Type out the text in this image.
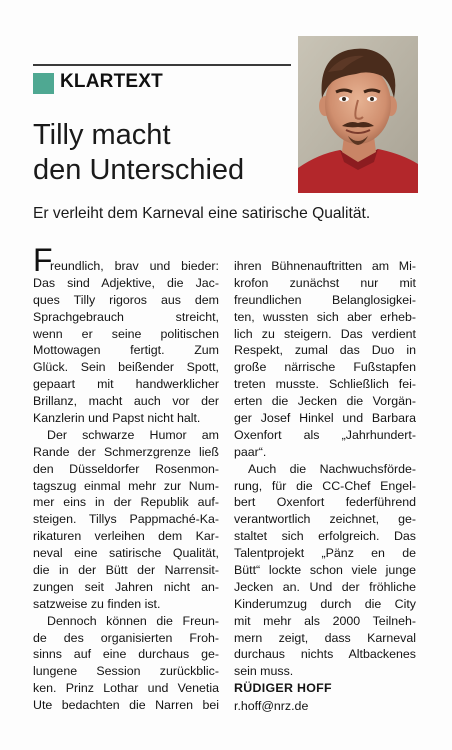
KLARTEXT
Tilly macht
den Unterschied
Er verleiht dem Karneval eine satirische Qualität.
F
reundlich, brav und bieder:
Das sind Adjektive, die Jac-
ques Tilly rigoros aus dem
Sprachgebrauch streicht,
wenn er seine politischen
Mottowagen fertigt. Zum
Glück. Sein beißender Spott,
gepaart mit handwerklicher
Brillanz, macht auch vor der
Kanzlerin und Papst nicht halt.
Der schwarze Humor am
Rande der Schmerzgrenze ließ
den Düsseldorfer Rosenmon-
tagszug einmal mehr zur Num-
mer eins in der Republik auf-
steigen. Tillys Pappmaché-Ka-
rikaturen verleihen dem Kar-
neval eine satirische Qualität,
die in der Bütt der Narrensit-
zungen seit Jahren nicht an-
satzweise zu finden ist.
Dennoch können die Freun-
de des organisierten Froh-
sinns auf eine durchaus ge-
lungene Session zurückblic-
ken. Prinz Lothar und Venetia
Ute bedachten die Narren bei
ihren Bühnenauftritten am Mi-
krofon zunächst nur mit
freundlichen Belanglosigkei-
ten, wussten sich aber erheb-
lich zu steigern. Das verdient
Respekt, zumal das Duo in
große närrische Fußstapfen
treten musste. Schließlich fei-
erten die Jecken die Vorgän-
ger Josef Hinkel und Barbara
Oxenfort als „Jahrhundert-
paar“.
Auch die Nachwuchsförde-
rung, für die CC-Chef Engel-
bert Oxenfort federführend
verantwortlich zeichnet, ge-
staltet sich erfolgreich. Das
Talentprojekt „Pänz en de
Bütt“ lockte schon viele junge
Jecken an. Und der fröhliche
Kinderumzug durch die City
mit mehr als 2000 Teilneh-
mern zeigt, dass Karneval
durchaus nichts Altbackenes
sein muss.
RÜDIGER HOFF
r.hoff@nrz.de
